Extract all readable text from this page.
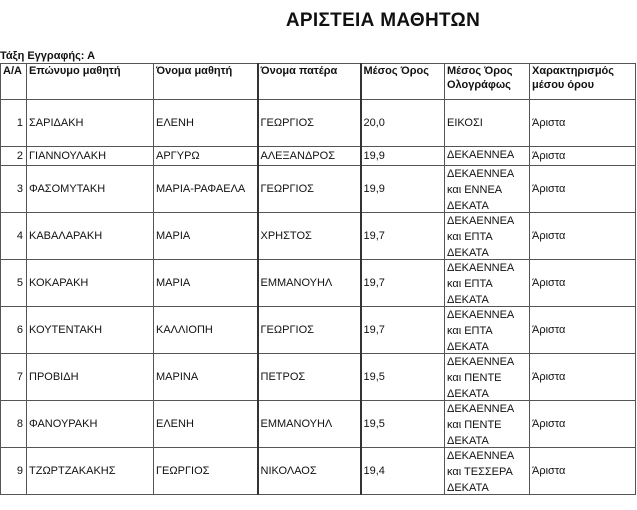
ΑΡΙΣΤΕΙΑ ΜΑΘΗΤΩΝ
Τάξη Εγγραφής: Α
Α/Α	Επώνυμο μαθητή	Όνομα μαθητή	Όνομα πατέρα	Μέσος Όρος	Μέσος Όρος Ολογράφως	Χαρακτηρισμός μέσου όρου
1	ΣΑΡΙΔΑΚΗ	ΕΛΕΝΗ	ΓΕΩΡΓΙΟΣ	20,0	ΕΙΚΟΣΙ	Άριστα
2	ΓΙΑΝΝΟΥΛΑΚΗ	ΑΡΓΥΡΩ	ΑΛΕΞΑΝΔΡΟΣ	19,9	ΔΕΚΑΕΝΝΕΑ	Άριστα
3	ΦΑΣΟΜΥΤΑΚΗ	ΜΑΡΙΑ-ΡΑΦΑΕΛΑ	ΓΕΩΡΓΙΟΣ	19,9	ΔΕΚΑΕΝΝΕΑ και ΕΝΝΕΑ ΔΕΚΑΤΑ	Άριστα
4	ΚΑΒΑΛΑΡΑΚΗ	ΜΑΡΙΑ	ΧΡΗΣΤΟΣ	19,7	ΔΕΚΑΕΝΝΕΑ και ΕΠΤΑ ΔΕΚΑΤΑ	Άριστα
5	ΚΟΚΑΡΑΚΗ	ΜΑΡΙΑ	ΕΜΜΑΝΟΥΗΛ	19,7	ΔΕΚΑΕΝΝΕΑ και ΕΠΤΑ ΔΕΚΑΤΑ	Άριστα
6	ΚΟΥΤΕΝΤΑΚΗ	ΚΑΛΛΙΟΠΗ	ΓΕΩΡΓΙΟΣ	19,7	ΔΕΚΑΕΝΝΕΑ και ΕΠΤΑ ΔΕΚΑΤΑ	Άριστα
7	ΠΡΟΒΙΔΗ	ΜΑΡΙΝΑ	ΠΕΤΡΟΣ	19,5	ΔΕΚΑΕΝΝΕΑ και ΠΕΝΤΕ ΔΕΚΑΤΑ	Άριστα
8	ΦΑΝΟΥΡΑΚΗ	ΕΛΕΝΗ	ΕΜΜΑΝΟΥΗΛ	19,5	ΔΕΚΑΕΝΝΕΑ και ΠΕΝΤΕ ΔΕΚΑΤΑ	Άριστα
9	ΤΖΩΡΤΖΑΚΑΚΗΣ	ΓΕΩΡΓΙΟΣ	ΝΙΚΟΛΑΟΣ	19,4	ΔΕΚΑΕΝΝΕΑ και ΤΕΣΣΕΡΑ ΔΕΚΑΤΑ	Άριστα
